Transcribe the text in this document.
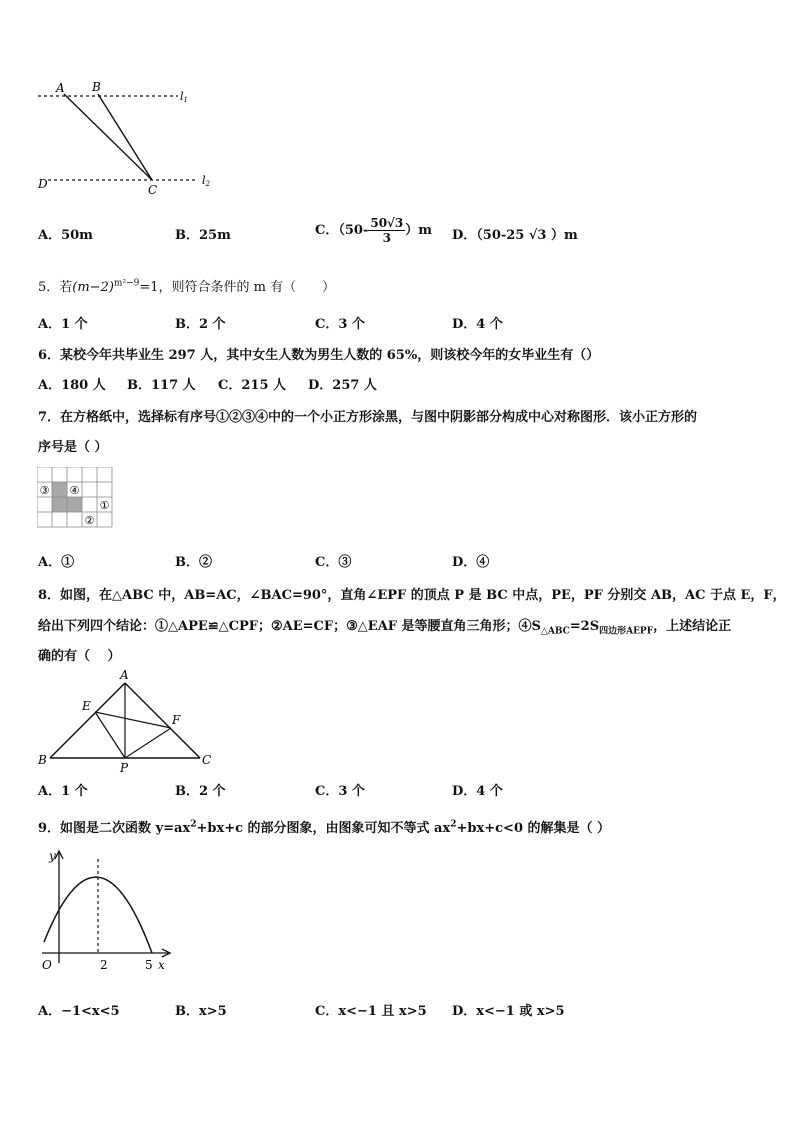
A B
C
D
l1
l2
A．50m	B．25m	C．$(50- \frac{50√3}{3} )m$ D．（50-25 √3 ）m
5．若$(m-2)^{m^2-9}=1$，则符合条件的 m 有（　　）
A．1 个	B．2 个	C．3 个	D．4 个
6．某校今年共毕业生 297 人，其中女生人数为男生人数的 65%，则该校今年的女毕业生有（）
A．180 人 B．117 人 C．215 人 D．257 人
7．在方格纸中，选择标有序号①②③④中的一个小正方形涂黑，与图中阴影部分构成中心对称图形．该小正方形的
序号是（ ）
③ ④
②
①
A．①	B．②	C．③	D．④
8．如图，在△ABC 中，AB=AC，∠BAC=90°，直角∠EPF 的顶点 P 是 BC 中点，PE，PF 分别交 AB，AC 于点 E，F，
给出下列四个结论：①△APE≌△CPF；②AE=CF；③△EAF 是等腰直角三角形；$④S_{\triangle ABC}=2S_{四边形AEPF}$，上述结论正
确的有（　 ）
A
B	C
E
F
P
A．1 个	B．2 个	C．3 个	D．4 个
9．如图是二次函数 $y=ax^2+bx+c$ 的部分图象，由图象可知不等式 $ax^2+bx+c<0$ 的解集是（ ）
y
x
O	2	5
A．−1<x<5	B．x>5	C．x<−1 且 x>5 D．x<−1 或 x>5
